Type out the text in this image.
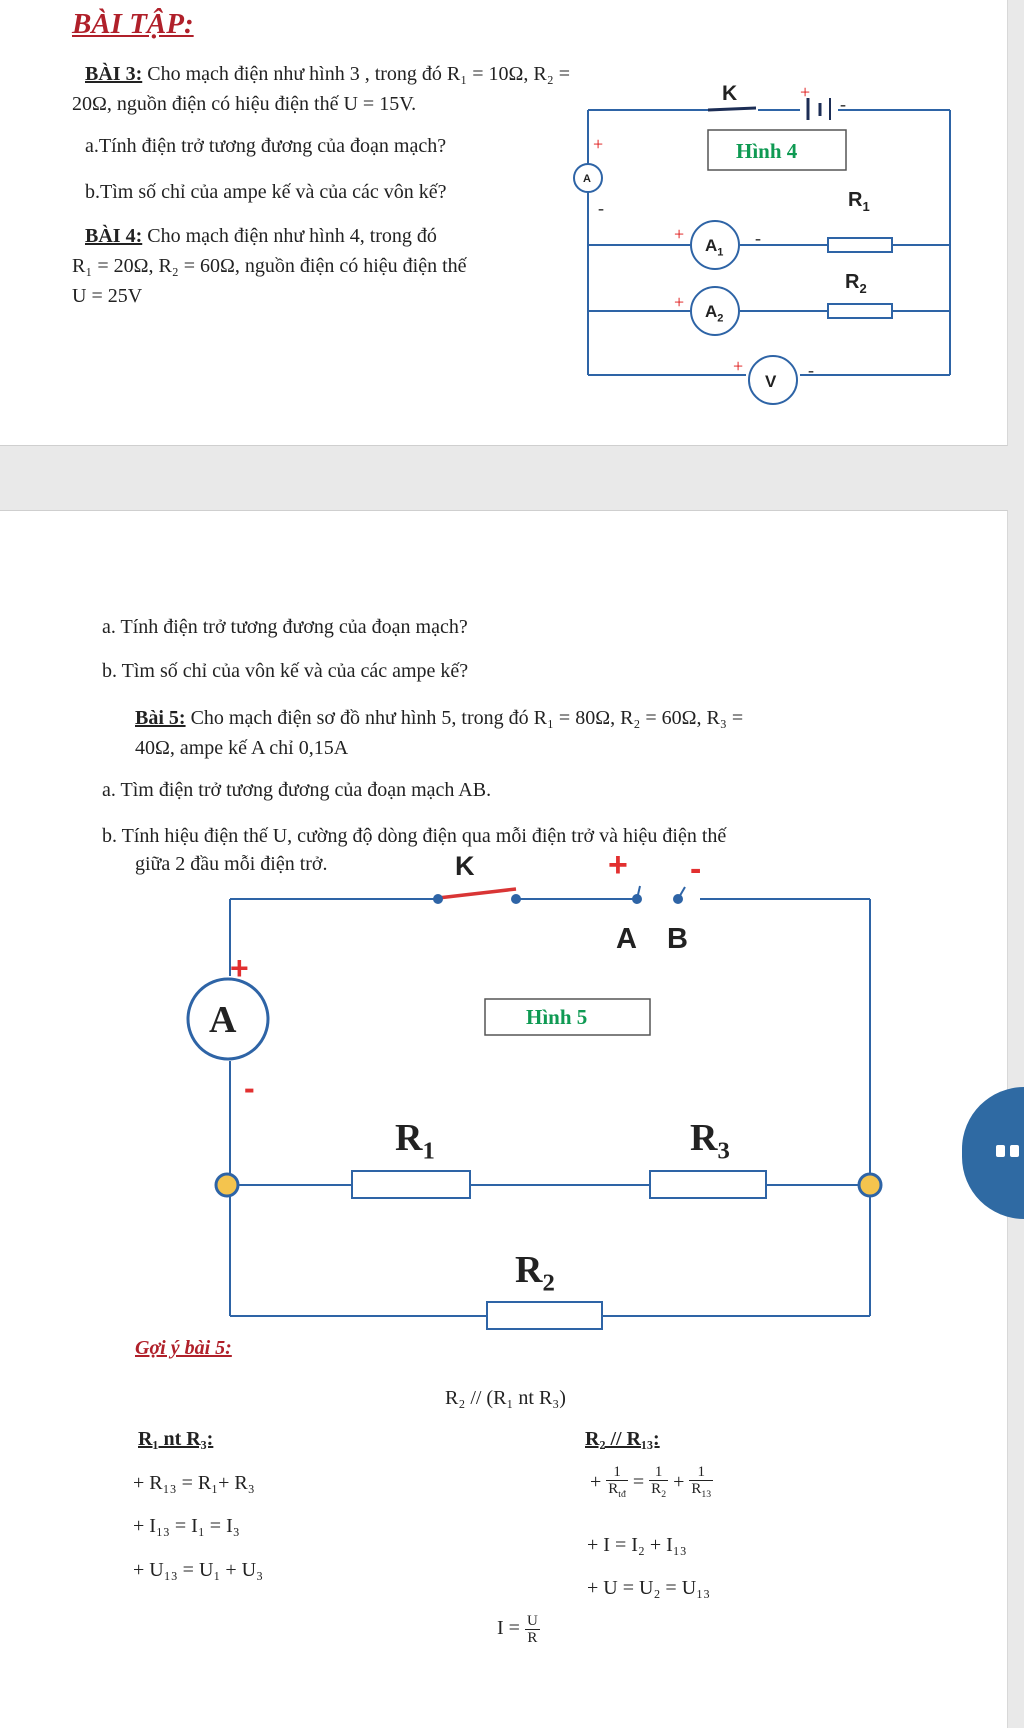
BÀI TẬP:
BÀI 3: Cho mạch điện như hình 3 , trong đó R₁ = 10Ω, R₂ =
20Ω, nguồn điện có hiệu điện thế U = 15V.
a.Tính điện trở tương đương của đoạn mạch?
b.Tìm số chỉ của ampe kế và của các vôn kế?
BÀI 4: Cho mạch điện như hình 4, trong đó
R₁ = 20Ω, R₂ = 60Ω, nguồn điện có hiệu điện thế
U = 25V
Hình 4
K	+
-
+
-
A
$R_1$
$R_2$
+	-
$A_1$
+ $A_2$
+	-
V
a. Tính điện trở tương đương của đoạn mạch?
b. Tìm số chỉ của vôn kế và của các ampe kế?
Bài 5: Cho mạch điện sơ đồ như hình 5, trong đó R₁ = 80Ω, R₂ = 60Ω, R₃ =
40Ω, ampe kế A chỉ 0,15A
a. Tìm điện trở tương đương của đoạn mạch AB.
b. Tính hiệu điện thế U, cường độ dòng điện qua mỗi điện trở và hiệu điện thế
giữa 2 đầu mỗi điện trở.
Hình 5
K	+ -
A B
+
A
-
$R_1$	$R_3$
$R_2$
Gợi ý bài 5:
R₂ // (R₁ nt R₃)
R₁ nt R₃:
+ R₁₃ = R₁+ R₃
+ I₁₃ = I₁ = I₃
+ U₁₃ = U₁ + U₃
R₂ // R₁₃:
+ $\frac{1}{R_{tđ}} = \frac{1}{R_2} + \frac{1}{R_{13}}$
+ I = I₂ + I₁₃
+ U = U₂ = U₁₃
$I = \frac{U}{R}$
